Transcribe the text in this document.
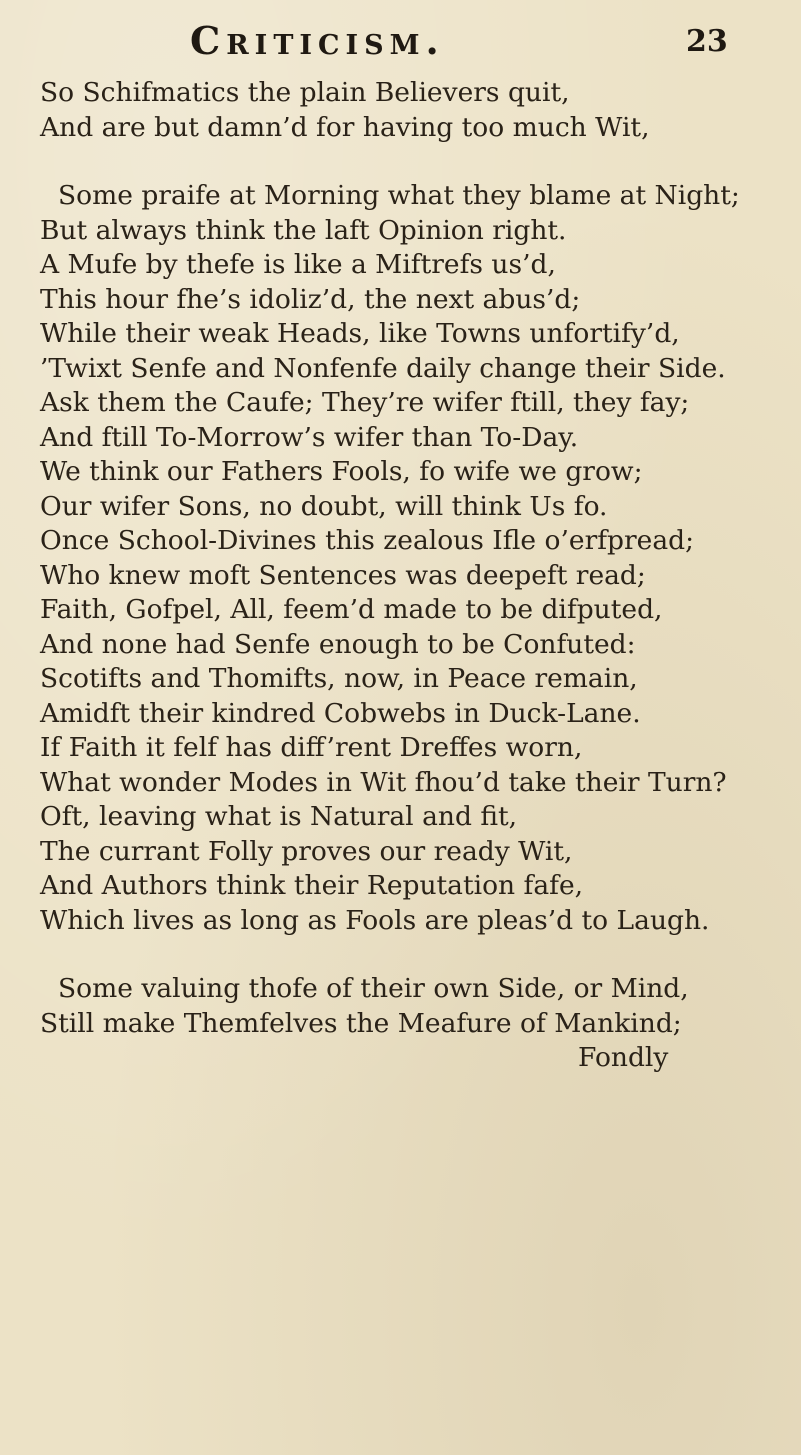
Criticism.	23
So Schifmatics the plain Believers quit,
And are but damn’d for having too much Wit,
Some praife at Morning what they blame at Night;
But always think the laft Opinion right.
A Mufe by thefe is like a Miftrefs us’d,
This hour fhe’s idoliz’d, the next abus’d;
While their weak Heads, like Towns unfortify’d,
’Twixt Senfe and Nonfenfe daily change their Side.
Ask them the Caufe; They’re wifer ftill, they fay;
And ftill To-Morrow’s wifer than To-Day.
We think our Fathers Fools, fo wife we grow;
Our wifer Sons, no doubt, will think Us fo.
Once School-Divines this zealous Ifle o’erfpread;
Who knew moft Sentences was deepeft read;
Faith, Gofpel, All, feem’d made to be difputed,
And none had Senfe enough to be Confuted:
Scotifts and Thomifts, now, in Peace remain,
Amidft their kindred Cobwebs in Duck-Lane.
If Faith it felf has diff’rent Dreffes worn,
What wonder Modes in Wit fhou’d take their Turn?
Oft, leaving what is Natural and fit,
The currant Folly proves our ready Wit,
And Authors think their Reputation fafe,
Which lives as long as Fools are pleas’d to Laugh.
Some valuing thofe of their own Side, or Mind,
Still make Themfelves the Meafure of Mankind;
Fondly
